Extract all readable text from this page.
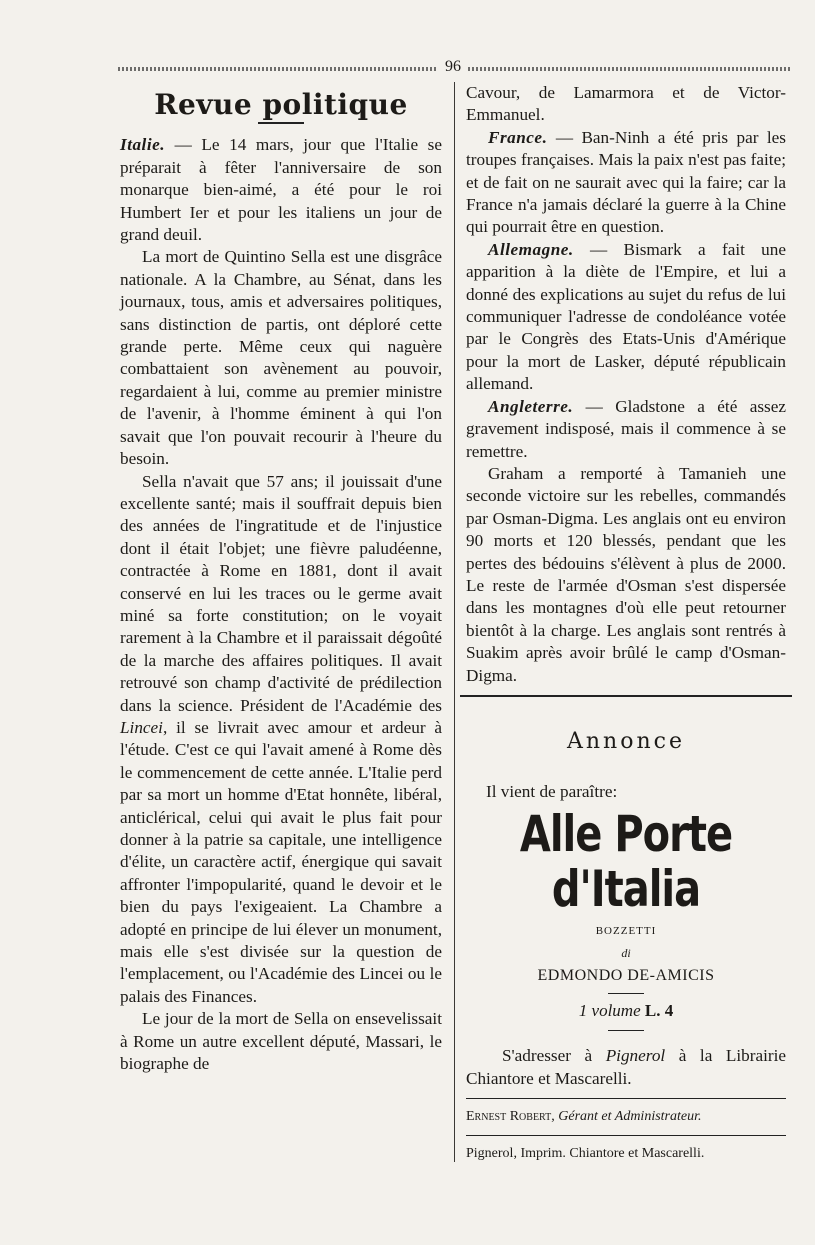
96
Revue politique

Italie. — Le 14 mars, jour que l'Italie se préparait à fêter l'anniversaire de son monarque bien-aimé, a été pour le roi Humbert Ier et pour les italiens un jour de grand deuil.

La mort de Quintino Sella est une disgrâce nationale. A la Chambre, au Sénat, dans les journaux, tous, amis et adversaires politiques, sans distinction de partis, ont déploré cette grande perte. Même ceux qui naguère combattaient son avènement au pouvoir, regardaient à lui, comme au premier ministre de l'avenir, à l'homme éminent à qui l'on savait que l'on pouvait recourir à l'heure du besoin.

Sella n'avait que 57 ans; il jouissait d'une excellente santé; mais il souffrait depuis bien des années de l'ingratitude et de l'injustice dont il était l'objet; une fièvre paludéenne, contractée à Rome en 1881, dont il avait conservé en lui les traces ou le germe avait miné sa forte constitution; on le voyait rarement à la Chambre et il paraissait dégoûté de la marche des affaires politiques. Il avait retrouvé son champ d'activité de prédilection dans la science. Président de l'Académie des Lincei, il se livrait avec amour et ardeur à l'étude. C'est ce qui l'avait amené à Rome dès le commencement de cette année. L'Italie perd par sa mort un homme d'Etat honnête, libéral, anticlérical, celui qui avait le plus fait pour donner à la patrie sa capitale, une intelligence d'élite, un caractère actif, énergique qui savait affronter l'impopularité, quand le devoir et le bien du pays l'exigeaient. La Chambre a adopté en principe de lui élever un monument, mais elle s'est divisée sur la question de l'emplacement, ou l'Académie des Lincei ou le palais des Finances.

Le jour de la mort de Sella on ensevelissait à Rome un autre excellent député, Massari, le biographe de

Cavour, de Lamarmora et de Victor-Emmanuel.

France. — Ban-Ninh a été pris par les troupes françaises. Mais la paix n'est pas faite; et de fait on ne saurait avec qui la faire; car la France n'a jamais déclaré la guerre à la Chine qui pourrait être en question.

Allemagne. — Bismark a fait une apparition à la diète de l'Empire, et lui a donné des explications au sujet du refus de lui communiquer l'adresse de condoléance votée par le Congrès des Etats-Unis d'Amérique pour la mort de Lasker, député républicain allemand.

Angleterre. — Gladstone a été assez gravement indisposé, mais il commence à se remettre.

Graham a remporté à Tamanieh une seconde victoire sur les rebelles, commandés par Osman-Digma. Les anglais ont eu environ 90 morts et 120 blessés, pendant que les pertes des bédouins s'élèvent à plus de 2000. Le reste de l'armée d'Osman s'est dispersée dans les montagnes d'où elle peut retourner bientôt à la charge. Les anglais sont rentrés à Suakim après avoir brûlé le camp d'Osman-Digma.

Annonce

Il vient de paraître:

Alle Porte d'Italia

BOZZETTI

di

EDMONDO DE-AMICIS

1 volume L. 4

S'adresser à Pignerol à la Librairie Chiantore et Mascarelli.

Ernest Robert, Gérant et Administrateur.

Pignerol, Imprim. Chiantore et Mascarelli.
